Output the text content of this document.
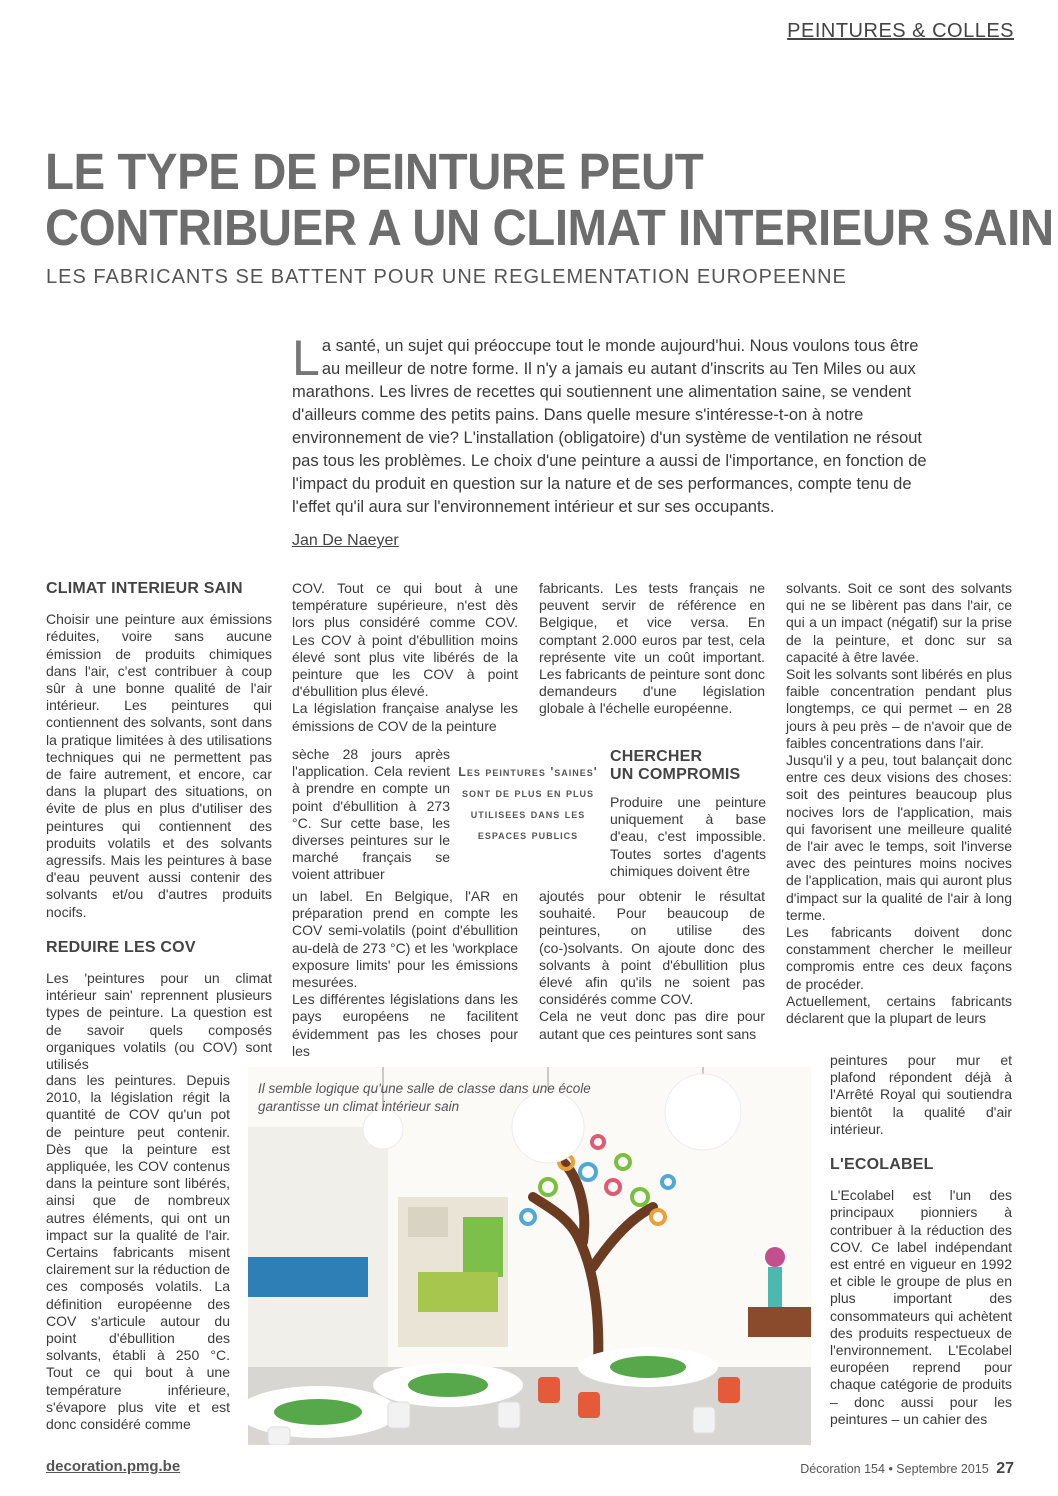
PEINTURES & COLLES
LE TYPE DE PEINTURE PEUT
CONTRIBUER A UN CLIMAT INTERIEUR SAIN
LES FABRICANTS SE BATTENT POUR UNE REGLEMENTATION EUROPEENNE

La santé, un sujet qui préoccupe tout le monde aujourd'hui. Nous voulons tous être au meilleur de notre forme. Il n'y a jamais eu autant d'inscrits au Ten Miles ou aux marathons. Les livres de recettes qui soutiennent une alimentation saine, se vendent d'ailleurs comme des petits pains. Dans quelle mesure s'intéresse-t-on à notre environnement de vie? L'installation (obligatoire) d'un système de ventilation ne résout pas tous les problèmes. Le choix d'une peinture a aussi de l'importance, en fonction de l'impact du produit en question sur la nature et de ses performances, compte tenu de l'effet qu'il aura sur l'environnement intérieur et sur ses occupants.

Jan De Naeyer
CLIMAT INTERIEUR SAIN

Choisir une peinture aux émissions réduites, voire sans aucune émission de produits chimiques dans l'air, c'est contribuer à coup sûr à une bonne qualité de l'air intérieur. Les peintures qui contiennent des solvants, sont dans la pratique limitées à des utilisations techniques qui ne permettent pas de faire autrement, et encore, car dans la plupart des situations, on évite de plus en plus d'utiliser des peintures qui contiennent des produits volatils et des solvants agressifs. Mais les peintures à base d'eau peuvent aussi contenir des solvants et/ou d'autres produits nocifs.

REDUIRE LES COV

Les 'peintures pour un climat intérieur sain' reprennent plusieurs types de peinture. La question est de savoir quels composés organiques volatils (ou COV) sont utilisés

dans les peintures. Depuis 2010, la législation régit la quantité de COV qu'un pot de peinture peut contenir. Dès que la peinture est appliquée, les COV contenus dans la peinture sont libérés, ainsi que de nombreux autres éléments, qui ont un impact sur la qualité de l'air. Certains fabricants misent clairement sur la réduction de ces composés volatils. La définition européenne des COV s'articule autour du point d'ébullition des solvants, établi à 250 °C. Tout ce qui bout à une température inférieure, s'évapore plus vite et est donc considéré comme

COV. Tout ce qui bout à une température supérieure, n'est dès lors plus considéré comme COV. Les COV à point d'ébullition moins élevé sont plus vite libérés de la peinture que les COV à point d'ébullition plus élevé.

La législation française analyse les émissions de COV de la peinture

sèche 28 jours après l'application. Cela revient à prendre en compte un point d'ébullition à 273 °C. Sur cette base, les diverses peintures sur le marché français se voient attribuer

un label. En Belgique, l'AR en préparation prend en compte les COV semi-volatils (point d'ébullition au-delà de 273 °C) et les 'workplace exposure limits' pour les émissions mesurées.

Les différentes législations dans les pays européens ne facilitent évidemment pas les choses pour les

Les peintures 'saines' sont de plus en plus utilisees dans les espaces publics

fabricants. Les tests français ne peuvent servir de référence en Belgique, et vice versa. En comptant 2.000 euros par test, cela représente vite un coût important. Les fabricants de peinture sont donc demandeurs d'une législation globale à l'échelle européenne.

CHERCHER
UN COMPROMIS

Produire une peinture uniquement à base d'eau, c'est impossible. Toutes sortes d'agents chimiques doivent être

ajoutés pour obtenir le résultat souhaité. Pour beaucoup de peintures, on utilise des (co-)solvants. On ajoute donc des solvants à point d'ébullition plus élevé afin qu'ils ne soient pas considérés comme COV.

Cela ne veut donc pas dire pour autant que ces peintures sont sans

solvants. Soit ce sont des solvants qui ne se libèrent pas dans l'air, ce qui a un impact (négatif) sur la prise de la peinture, et donc sur sa capacité à être lavée.

Soit les solvants sont libérés en plus faible concentration pendant plus longtemps, ce qui permet – en 28 jours à peu près – de n'avoir que de faibles concentrations dans l'air.

Jusqu'il y a peu, tout balançait donc entre ces deux visions des choses: soit des peintures beaucoup plus nocives lors de l'application, mais qui favorisent une meilleure qualité de l'air avec le temps, soit l'inverse avec des peintures moins nocives de l'application, mais qui auront plus d'impact sur la qualité de l'air à long terme.

Les fabricants doivent donc constamment chercher le meilleur compromis entre ces deux façons de procéder.

Actuellement, certains fabricants déclarent que la plupart de leurs

peintures pour mur et plafond répondent déjà à l'Arrêté Royal qui soutiendra bientôt la qualité d'air intérieur.

L'ECOLABEL

L'Ecolabel est l'un des principaux pionniers à contribuer à la réduction des COV. Ce label indépendant est entré en vigueur en 1992 et cible le groupe de plus en plus important des consommateurs qui achètent des produits respectueux de l'environnement. L'Ecolabel européen reprend pour chaque catégorie de produits – donc aussi pour les peintures – un cahier des

Il semble logique qu'une salle de classe dans une école garantisse un climat intérieur sain
decoration.pmg.be	Décoration 154 • Septembre 2015 27
